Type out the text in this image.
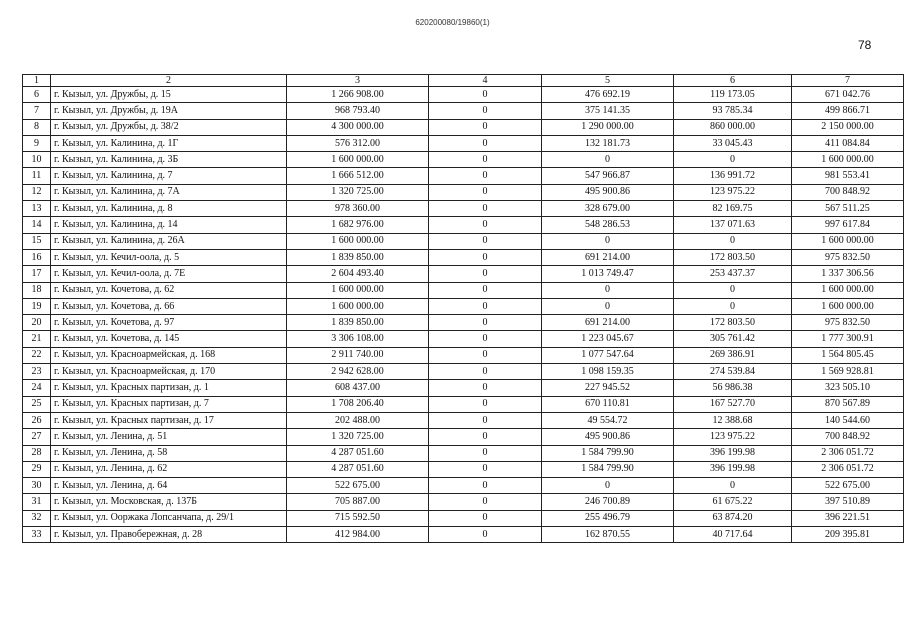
620200080/19860(1)
78
1	2	3	4	5	6	7
6	г. Кызыл, ул. Дружбы, д. 15	1 266 908.00	0	476 692.19	119 173.05	671 042.76
7	г. Кызыл, ул. Дружбы, д. 19А	968 793.40	0	375 141.35	93 785.34	499 866.71
8	г. Кызыл, ул. Дружбы, д. 38/2	4 300 000.00	0	1 290 000.00	860 000.00	2 150 000.00
9	г. Кызыл, ул. Калинина, д. 1Г	576 312.00	0	132 181.73	33 045.43	411 084.84
10	г. Кызыл, ул. Калинина, д. 3Б	1 600 000.00	0	0	0	1 600 000.00
11	г. Кызыл, ул. Калинина, д. 7	1 666 512.00	0	547 966.87	136 991.72	981 553.41
12	г. Кызыл, ул. Калинина, д. 7А	1 320 725.00	0	495 900.86	123 975.22	700 848.92
13	г. Кызыл, ул. Калинина, д. 8	978 360.00	0	328 679.00	82 169.75	567 511.25
14	г. Кызыл, ул. Калинина, д. 14	1 682 976.00	0	548 286.53	137 071.63	997 617.84
15	г. Кызыл, ул. Калинина, д. 26А	1 600 000.00	0	0	0	1 600 000.00
16	г. Кызыл, ул. Кечил-оола, д. 5	1 839 850.00	0	691 214.00	172 803.50	975 832.50
17	г. Кызыл, ул. Кечил-оола, д. 7Е	2 604 493.40	0	1 013 749.47	253 437.37	1 337 306.56
18	г. Кызыл, ул. Кочетова, д. 62	1 600 000.00	0	0	0	1 600 000.00
19	г. Кызыл, ул. Кочетова, д. 66	1 600 000.00	0	0	0	1 600 000.00
20	г. Кызыл, ул. Кочетова, д. 97	1 839 850.00	0	691 214.00	172 803.50	975 832.50
21	г. Кызыл, ул. Кочетова, д. 145	3 306 108.00	0	1 223 045.67	305 761.42	1 777 300.91
22	г. Кызыл, ул. Красноармейская, д. 168	2 911 740.00	0	1 077 547.64	269 386.91	1 564 805.45
23	г. Кызыл, ул. Красноармейская, д. 170	2 942 628.00	0	1 098 159.35	274 539.84	1 569 928.81
24	г. Кызыл, ул. Красных партизан, д. 1	608 437.00	0	227 945.52	56 986.38	323 505.10
25	г. Кызыл, ул. Красных партизан, д. 7	1 708 206.40	0	670 110.81	167 527.70	870 567.89
26	г. Кызыл, ул. Красных партизан, д. 17	202 488.00	0	49 554.72	12 388.68	140 544.60
27	г. Кызыл, ул. Ленина, д. 51	1 320 725.00	0	495 900.86	123 975.22	700 848.92
28	г. Кызыл, ул. Ленина, д. 58	4 287 051.60	0	1 584 799.90	396 199.98	2 306 051.72
29	г. Кызыл, ул. Ленина, д. 62	4 287 051.60	0	1 584 799.90	396 199.98	2 306 051.72
30	г. Кызыл, ул. Ленина, д. 64	522 675.00	0	0	0	522 675.00
31	г. Кызыл, ул. Московская, д. 137Б	705 887.00	0	246 700.89	61 675.22	397 510.89
32	г. Кызыл, ул. Ооржака Лопсанчапа, д. 29/1	715 592.50	0	255 496.79	63 874.20	396 221.51
33	г. Кызыл, ул. Правобережная, д. 28	412 984.00	0	162 870.55	40 717.64	209 395.81
